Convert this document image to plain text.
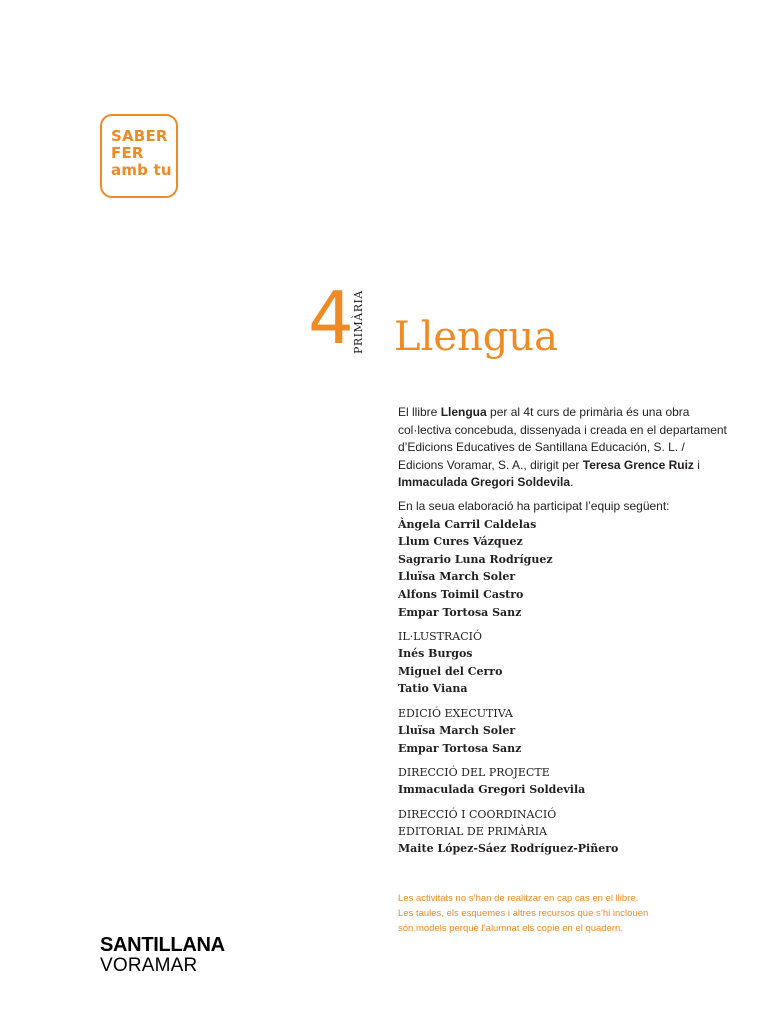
SABER
FER
amb tu
4
PRIMÀRIA Llengua

El llibre Llengua per al 4t curs de primària és una obra col·lectiva concebuda, dissenyada i creada en el departament d’Edicions Educatives de Santillana Educación, S. L. / Edicions Voramar, S. A., dirigit per Teresa Grence Ruiz i Immaculada Gregori Soldevila.

En la seua elaboració ha participat l’equip següent:

Àngela Carril Caldelas
Llum Cures Vázquez
Sagrario Luna Rodríguez
Lluïsa March Soler
Alfons Toimil Castro
Empar Tortosa Sanz
IL·LUSTRACIÓ
Inés Burgos
Miguel del Cerro
Tatio Viana
EDICIÓ EXECUTIVA
Lluïsa March Soler
Empar Tortosa Sanz
DIRECCIÓ DEL PROJECTE
Immaculada Gregori Soldevila
DIRECCIÓ I COORDINACIÓ
EDITORIAL DE PRIMÀRIA
Maite López-Sáez Rodríguez-Piñero

Les activitats no s’han de realitzar en cap cas en el llibre.

Les taules, els esquemes i altres recursos que s’hi inclouen

són models perquè l’alumnat els copie en el quadern.

SANTILLANA
VORAMAR
